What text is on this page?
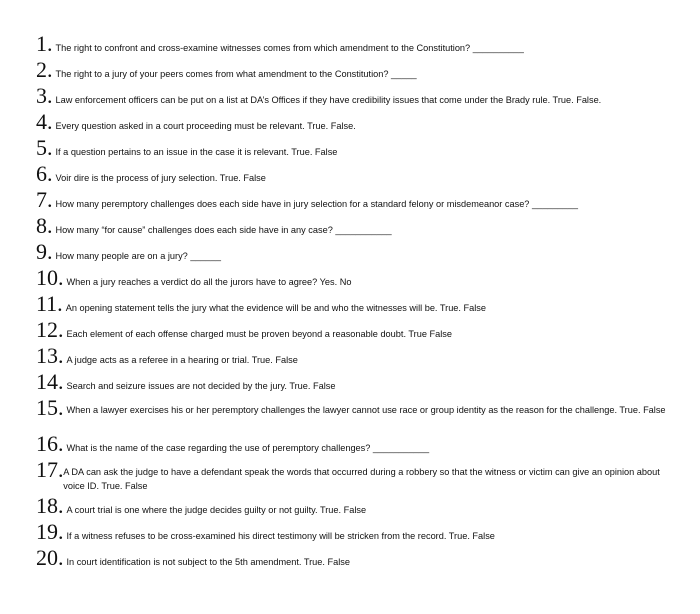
1. The right to confront and cross-examine witnesses comes from which amendment to the Constitution? __________
2. The right to a jury of your peers comes from what amendment to the Constitution? _____
3. Law enforcement officers can be put on a list at DA’s Offices if they have credibility issues that come under the Brady rule. True. False.
4. Every question asked in a court proceeding must be relevant. True. False.
5. If a question pertains to an issue in the case it is relevant. True. False
6. Voir dire is the process of jury selection. True. False
7. How many peremptory challenges does each side have in jury selection for a standard felony or misdemeanor case? _________
8. How many “for cause” challenges does each side have in any case? ___________
9. How many people are on a jury? ______
10. When a jury reaches a verdict do all the jurors have to agree? Yes. No
11. An opening statement tells the jury what the evidence will be and who the witnesses will be. True. False
12. Each element of each offense charged must be proven beyond a reasonable doubt. True False
13. A judge acts as a referee in a hearing or trial. True. False
14. Search and seizure issues are not decided by the jury. True. False
15. When a lawyer exercises his or her peremptory challenges the lawyer cannot use race or group identity as the reason for the challenge. True. False
16. What is the name of the case regarding the use of peremptory challenges? ___________
17. A DA can ask the judge to have a defendant speak the words that occurred during a robbery so that the witness or victim can give an opinion about voice ID. True. False
18. A court trial is one where the judge decides guilty or not guilty. True. False
19. If a witness refuses to be cross-examined his direct testimony will be stricken from the record. True. False
20. In court identification is not subject to the 5th amendment. True. False
